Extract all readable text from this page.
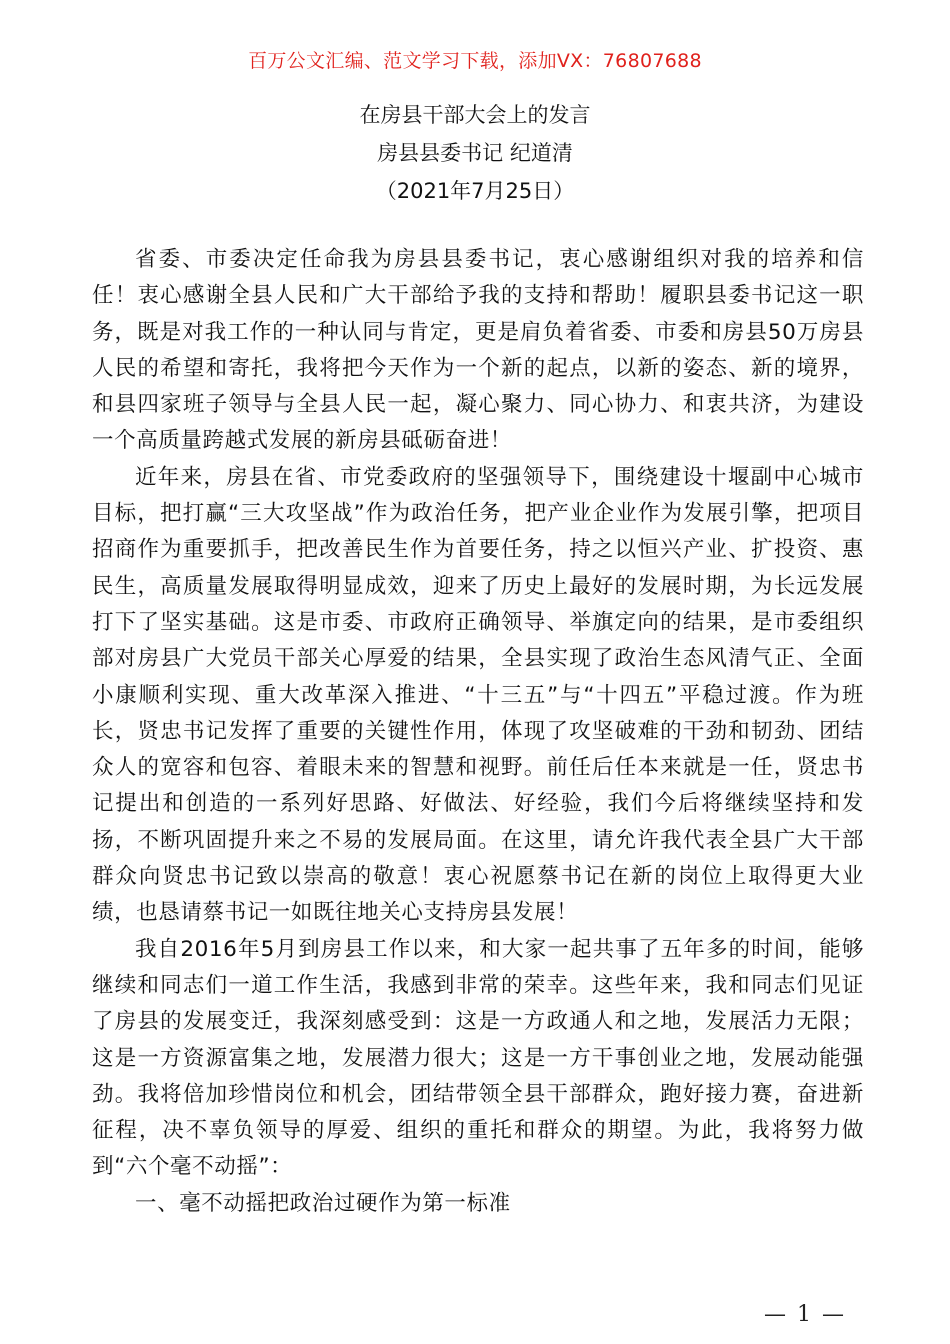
百万公文汇编、范文学习下载，添加VX：76807688
在房县干部大会上的发言
房县县委书记 纪道清
（2021年7月25日）

省委、市委决定任命我为房县县委书记，衷心感谢组织对我的培养和信任！衷心感谢全县人民和广大干部给予我的支持和帮助！履职县委书记这一职务，既是对我工作的一种认同与肯定，更是肩负着省委、市委和房县50万房县人民的希望和寄托，我将把今天作为一个新的起点，以新的姿态、新的境界，和县四家班子领导与全县人民一起，凝心聚力、同心协力、和衷共济，为建设一个高质量跨越式发展的新房县砥砺奋进！

近年来，房县在省、市党委政府的坚强领导下，围绕建设十堰副中心城市目标，把打赢“三大攻坚战”作为政治任务，把产业企业作为发展引擎，把项目招商作为重要抓手，把改善民生作为首要任务，持之以恒兴产业、扩投资、惠民生，高质量发展取得明显成效，迎来了历史上最好的发展时期，为长远发展打下了坚实基础。这是市委、市政府正确领导、举旗定向的结果，是市委组织部对房县广大党员干部关心厚爱的结果，全县实现了政治生态风清气正、全面小康顺利实现、重大改革深入推进、“十三五”与“十四五”平稳过渡。作为班长，贤忠书记发挥了重要的关键性作用，体现了攻坚破难的干劲和韧劲、团结众人的宽容和包容、着眼未来的智慧和视野。前任后任本来就是一任，贤忠书记提出和创造的一系列好思路、好做法、好经验，我们今后将继续坚持和发扬，不断巩固提升来之不易的发展局面。在这里，请允许我代表全县广大干部群众向贤忠书记致以崇高的敬意！衷心祝愿蔡书记在新的岗位上取得更大业绩，也恳请蔡书记一如既往地关心支持房县发展！

我自2016年5月到房县工作以来，和大家一起共事了五年多的时间，能够继续和同志们一道工作生活，我感到非常的荣幸。这些年来，我和同志们见证了房县的发展变迁，我深刻感受到：这是一方政通人和之地，发展活力无限；这是一方资源富集之地，发展潜力很大；这是一方干事创业之地，发展动能强劲。我将倍加珍惜岗位和机会，团结带领全县干部群众，跑好接力赛，奋进新征程，决不辜负领导的厚爱、组织的重托和群众的期望。为此，我将努力做到“六个毫不动摇”：

一、毫不动摇把政治过硬作为第一标准

— 1 —
